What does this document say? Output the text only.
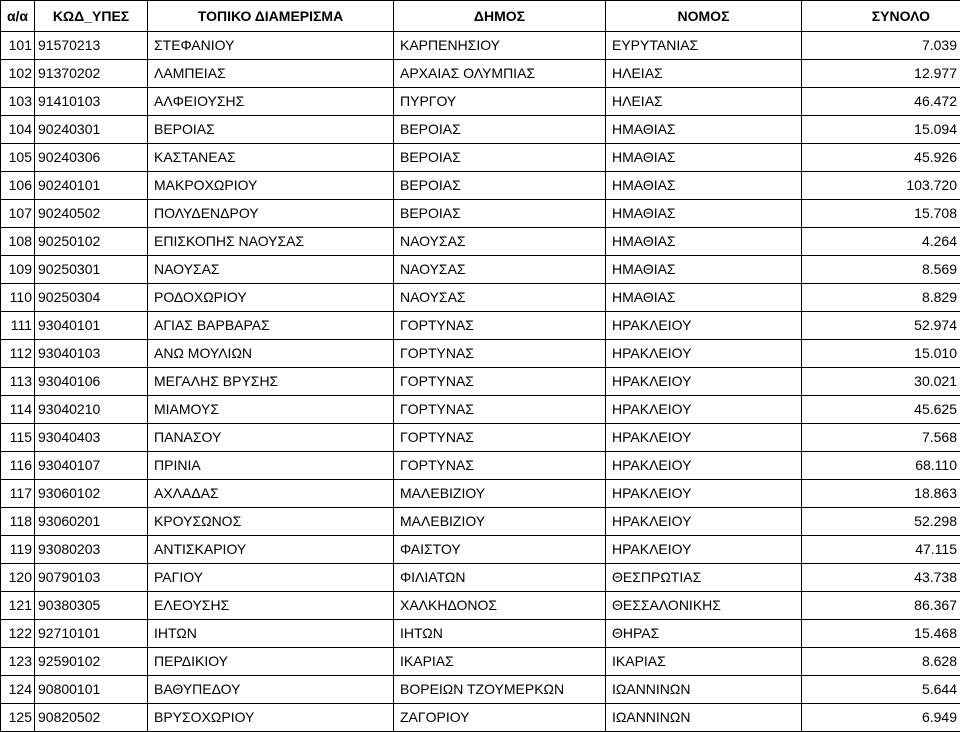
α/α	ΚΩΔ_ΥΠΕΣ	ΤΟΠΙΚΟ ΔΙΑΜΕΡΙΣΜΑ	ΔΗΜΟΣ	ΝΟΜΟΣ	ΣΥΝΟΛΟ
101	91570213	ΣΤΕΦΑΝΙΟΥ	ΚΑΡΠΕΝΗΣΙΟΥ	ΕΥΡΥΤΑΝΙΑΣ	7.039
102	91370202	ΛΑΜΠΕΙΑΣ	ΑΡΧΑΙΑΣ ΟΛΥΜΠΙΑΣ	ΗΛΕΙΑΣ	12.977
103	91410103	ΑΛΦΕΙΟΥΣΗΣ	ΠΥΡΓΟΥ	ΗΛΕΙΑΣ	46.472
104	90240301	ΒΕΡΟΙΑΣ	ΒΕΡΟΙΑΣ	ΗΜΑΘΙΑΣ	15.094
105	90240306	ΚΑΣΤΑΝΕΑΣ	ΒΕΡΟΙΑΣ	ΗΜΑΘΙΑΣ	45.926
106	90240101	ΜΑΚΡΟΧΩΡΙΟΥ	ΒΕΡΟΙΑΣ	ΗΜΑΘΙΑΣ	103.720
107	90240502	ΠΟΛΥΔΕΝΔΡΟΥ	ΒΕΡΟΙΑΣ	ΗΜΑΘΙΑΣ	15.708
108	90250102	ΕΠΙΣΚΟΠΗΣ ΝΑΟΥΣΑΣ	ΝΑΟΥΣΑΣ	ΗΜΑΘΙΑΣ	4.264
109	90250301	ΝΑΟΥΣΑΣ	ΝΑΟΥΣΑΣ	ΗΜΑΘΙΑΣ	8.569
110	90250304	ΡΟΔΟΧΩΡΙΟΥ	ΝΑΟΥΣΑΣ	ΗΜΑΘΙΑΣ	8.829
111	93040101	ΑΓΙΑΣ ΒΑΡΒΑΡΑΣ	ΓΟΡΤΥΝΑΣ	ΗΡΑΚΛΕΙΟΥ	52.974
112	93040103	ΑΝΩ ΜΟΥΛΙΩΝ	ΓΟΡΤΥΝΑΣ	ΗΡΑΚΛΕΙΟΥ	15.010
113	93040106	ΜΕΓΑΛΗΣ ΒΡΥΣΗΣ	ΓΟΡΤΥΝΑΣ	ΗΡΑΚΛΕΙΟΥ	30.021
114	93040210	ΜΙΑΜΟΥΣ	ΓΟΡΤΥΝΑΣ	ΗΡΑΚΛΕΙΟΥ	45.625
115	93040403	ΠΑΝΑΣΟΥ	ΓΟΡΤΥΝΑΣ	ΗΡΑΚΛΕΙΟΥ	7.568
116	93040107	ΠΡΙΝΙΑ	ΓΟΡΤΥΝΑΣ	ΗΡΑΚΛΕΙΟΥ	68.110
117	93060102	ΑΧΛΑΔΑΣ	ΜΑΛΕΒΙΖΙΟΥ	ΗΡΑΚΛΕΙΟΥ	18.863
118	93060201	ΚΡΟΥΣΩΝΟΣ	ΜΑΛΕΒΙΖΙΟΥ	ΗΡΑΚΛΕΙΟΥ	52.298
119	93080203	ΑΝΤΙΣΚΑΡΙΟΥ	ΦΑΙΣΤΟΥ	ΗΡΑΚΛΕΙΟΥ	47.115
120	90790103	ΡΑΓΙΟΥ	ΦΙΛΙΑΤΩΝ	ΘΕΣΠΡΩΤΙΑΣ	43.738
121	90380305	ΕΛΕΟΥΣΗΣ	ΧΑΛΚΗΔΟΝΟΣ	ΘΕΣΣΑΛΟΝΙΚΗΣ	86.367
122	92710101	ΙΗΤΩΝ	ΙΗΤΩΝ	ΘΗΡΑΣ	15.468
123	92590102	ΠΕΡΔΙΚΙΟΥ	ΙΚΑΡΙΑΣ	ΙΚΑΡΙΑΣ	8.628
124	90800101	ΒΑΘΥΠΕΔΟΥ	ΒΟΡΕΙΩΝ ΤΖΟΥΜΕΡΚΩΝ	ΙΩΑΝΝΙΝΩΝ	5.644
125	90820502	ΒΡΥΣΟΧΩΡΙΟΥ	ΖΑΓΟΡΙΟΥ	ΙΩΑΝΝΙΝΩΝ	6.949
